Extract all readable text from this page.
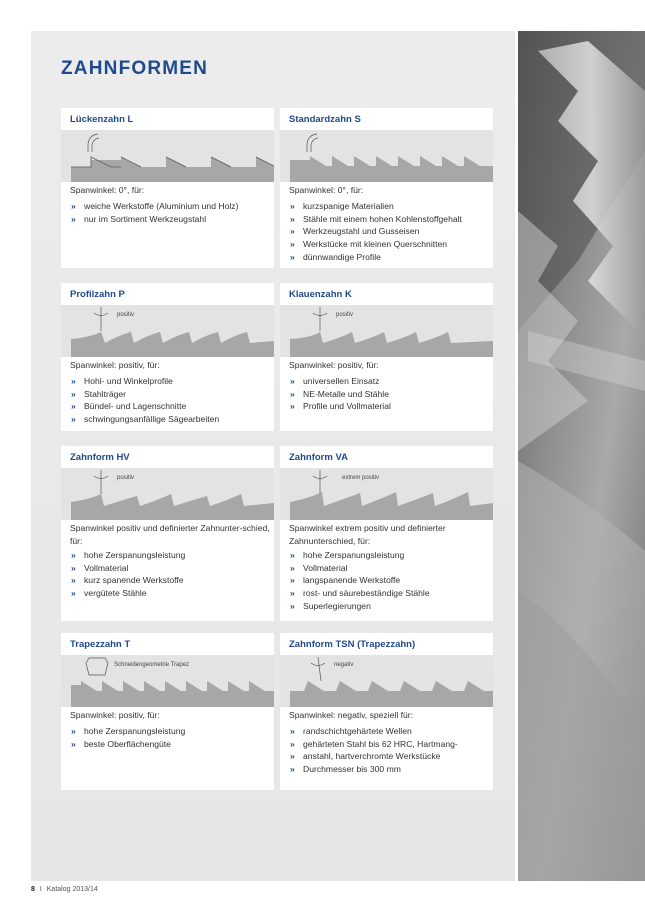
ZAHNFORMEN
Lückenzahn L

Spanwinkel: 0°, für:

» weiche Werkstoffe (Aluminium und Holz)
» nur im Sortiment Werkzeugstahl
Standardzahn S

Spanwinkel: 0°, für:

» kurzspanige Materialien
» Stähle mit einem hohen Kohlenstoffgehalt
» Werkzeugstahl und Gusseisen
» Werkstücke mit kleinen Querschnitten
» dünnwandige Profile
Profilzahn P
positiv

Spanwinkel: positiv, für:

» Hohl- und Winkelprofile
» Stahlträger
» Bündel- und Lagenschnitte
» schwingungsanfällige Sägearbeiten
Klauenzahn K
positiv

Spanwinkel: positiv, für:

» universellen Einsatz
» NE-Metalle und Stähle
» Profile und Vollmaterial
Zahnform HV
positiv

Spanwinkel positiv und definierter Zahnunter-schied, für:

» hohe Zerspanungsleistung
» Vollmaterial
» kurz spanende Werkstoffe
» vergütete Stähle
Zahnform VA
extrem positiv

Spanwinkel extrem positiv und definierter Zahnunterschied, für:

» hohe Zerspanungsleistung
» Vollmaterial
» langspanende Werkstoffe
» rost- und säurebeständige Stähle
» Superlegierungen
Trapezzahn T
Schneidengeometrie Trapez

Spanwinkel: positiv, für:

» hohe Zerspanungsleistung
» beste Oberflächengüte
Zahnform TSN (Trapezzahn)
negativ

Spanwinkel: negativ, speziell für:

» randschichtgehärtete Wellen
» gehärteten Stahl bis 62 HRC, Hartmang-
» anstahl, hartverchromte Werkstücke
» Durchmesser bis 300 mm
8 I Katalog 2013/14
